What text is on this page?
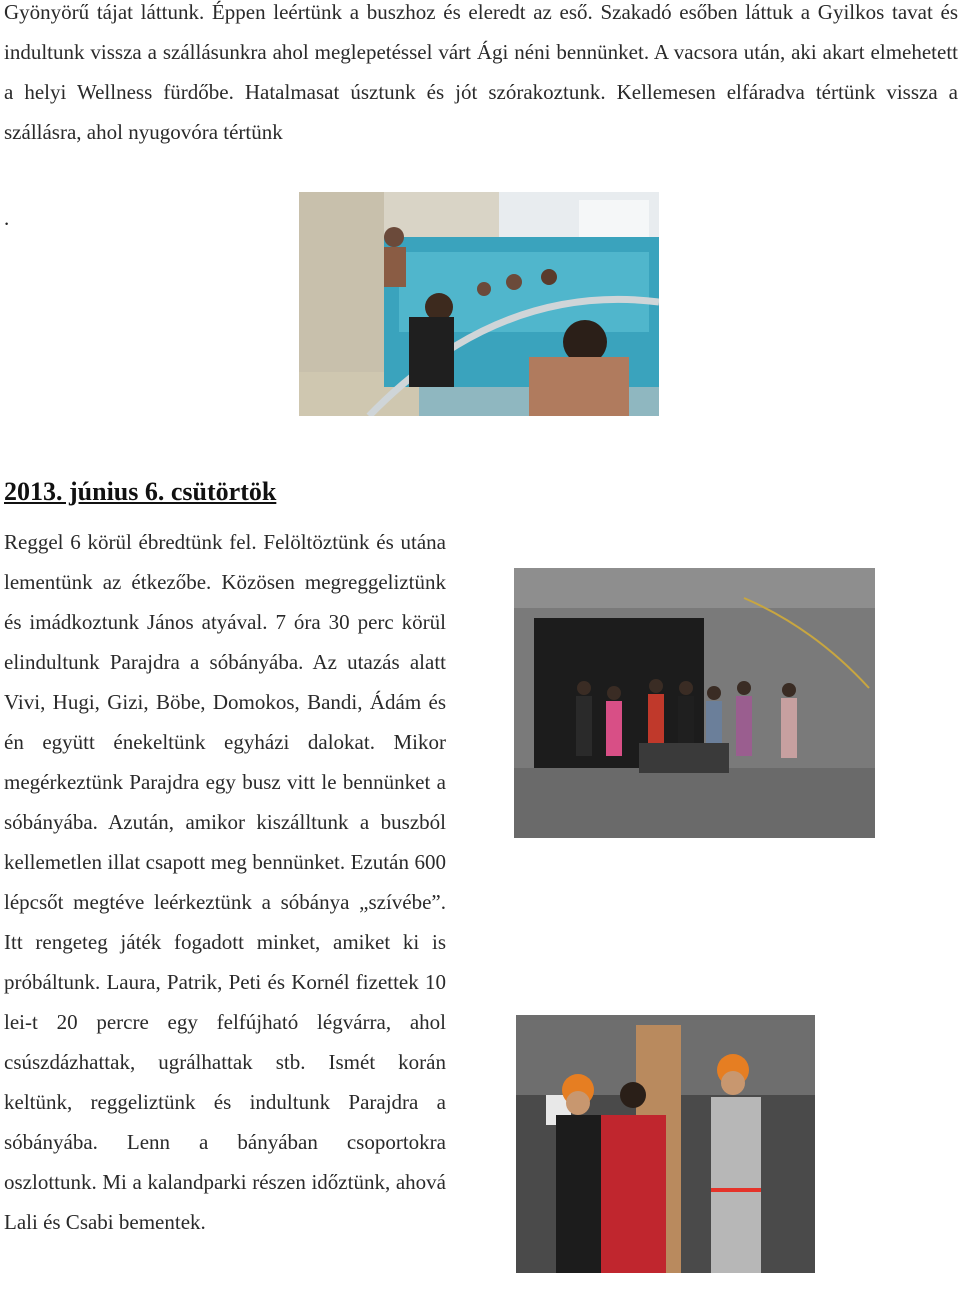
Gyönyörű tájat láttunk. Éppen leértünk a buszhoz és eleredt az eső. Szakadó esőben láttuk a Gyilkos tavat és indultunk vissza a szállásunkra ahol meglepetéssel várt Ági néni bennünket. A vacsora után, aki akart elmehetett a helyi Wellness fürdőbe. Hatalmasat úsztunk és jót szórakoztunk. Kellemesen elfáradva tértünk vissza a szállásra, ahol nyugovóra tértünk

.

2013. június 6. csütörtök

Reggel 6 körül ébredtünk fel. Felöltöztünk és utána lementünk az étkezőbe. Közösen megreggeliztünk és imádkoztunk János atyával. 7 óra 30 perc körül elindultunk Parajdra a sóbányába. Az utazás alatt Vivi, Hugi, Gizi, Böbe, Domokos, Bandi, Ádám és én együtt énekeltünk egyházi dalokat. Mikor megérkeztünk Parajdra egy busz vitt le bennünket a sóbányába. Azután, amikor kiszálltunk a buszból kellemetlen illat csapott meg bennünket. Ezután 600 lépcsőt megtéve leérkeztünk a sóbánya „szívébe”. Itt rengeteg játék fogadott minket, amiket ki is próbáltunk. Laura, Patrik, Peti és Kornél fizettek 10 lei-t 20 percre egy felfújható légvárra, ahol csúszdázhattak, ugrálhattak stb. Ismét korán keltünk, reggeliztünk és indultunk Parajdra a sóbányába. Lenn a bányában csoportokra oszlottunk. Mi a kalandparki részen időztünk, ahová Lali és Csabi bementek.
